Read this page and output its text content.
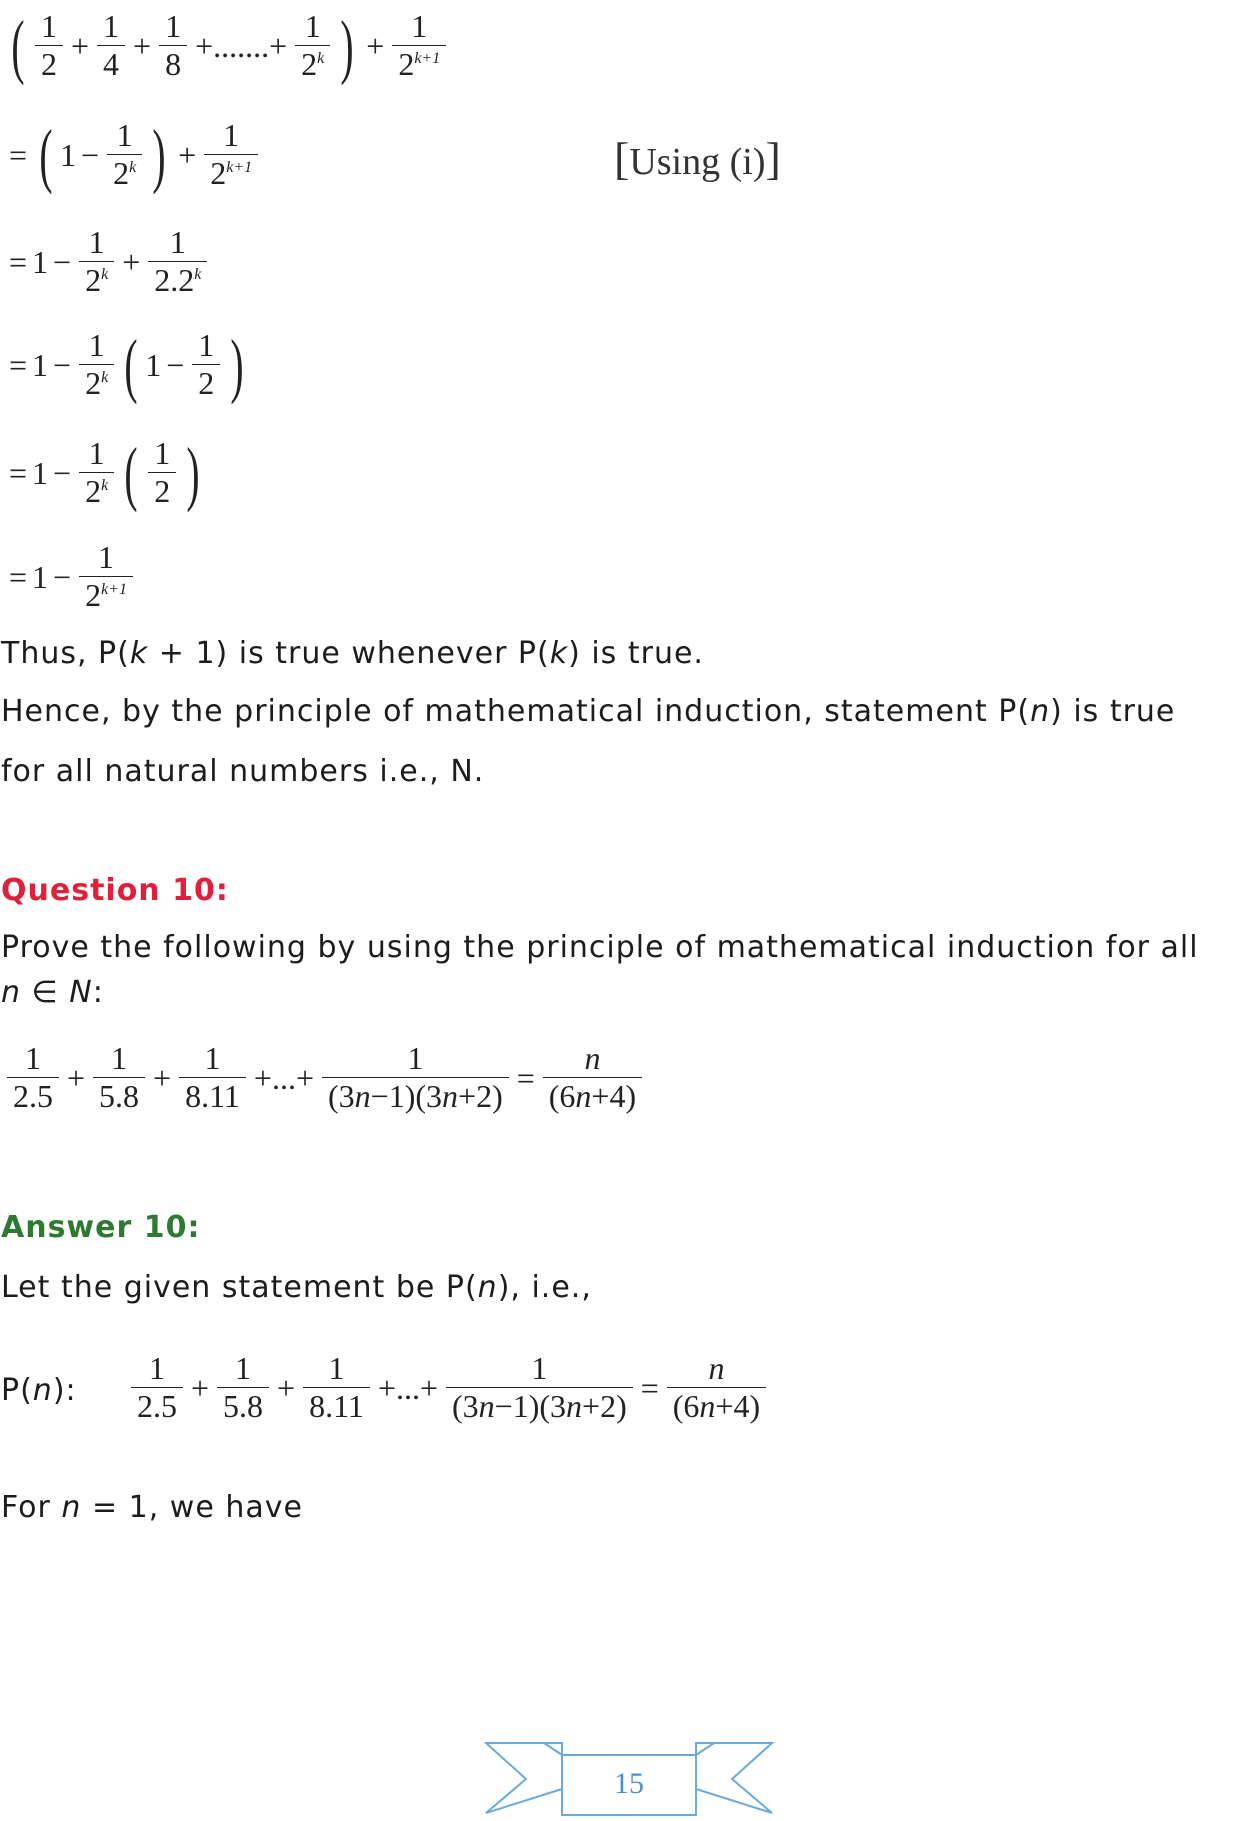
( $\frac{1}{2} + \frac{1}{4} + \frac{1}{8}$ +.......+ $\frac{1}{2^k}$ ) + $\frac{1}{2^{k+1}}$
= ( $1 - \frac{1}{2^k}$ ) + $\frac{1}{2^{k+1}}$	[Using (i)]
= $1 - \frac{1}{2^k} + \frac{1}{2.2^k}$
= $1 - \frac{1}{2^k}$ ( $1 - \frac{1}{2}$ )
= $1 - \frac{1}{2^k}$ ( $\frac{1}{2}$ )
= $1 - \frac{1}{2^{k+1}}$
Thus, P(k + 1) is true whenever P(k) is true.
Hence, by the principle of mathematical induction, statement P(n) is true
for all natural numbers i.e., N.
Question 10:
Prove the following by using the principle of mathematical induction for all
n ∈ N:
$\frac{1}{2.5} + \frac{1}{5.8} + \frac{1}{8.11}$ +...+ $\frac{1}{(3n-1)(3n+2)} = \frac{n}{(6n+4)}$
Answer 10:
Let the given statement be P(n), i.e.,
P(n): $\frac{1}{2.5} + \frac{1}{5.8} + \frac{1}{8.11}$ +...+ $\frac{1}{(3n-1)(3n+2)} = \frac{n}{(6n+4)}$
For n = 1, we have
15
